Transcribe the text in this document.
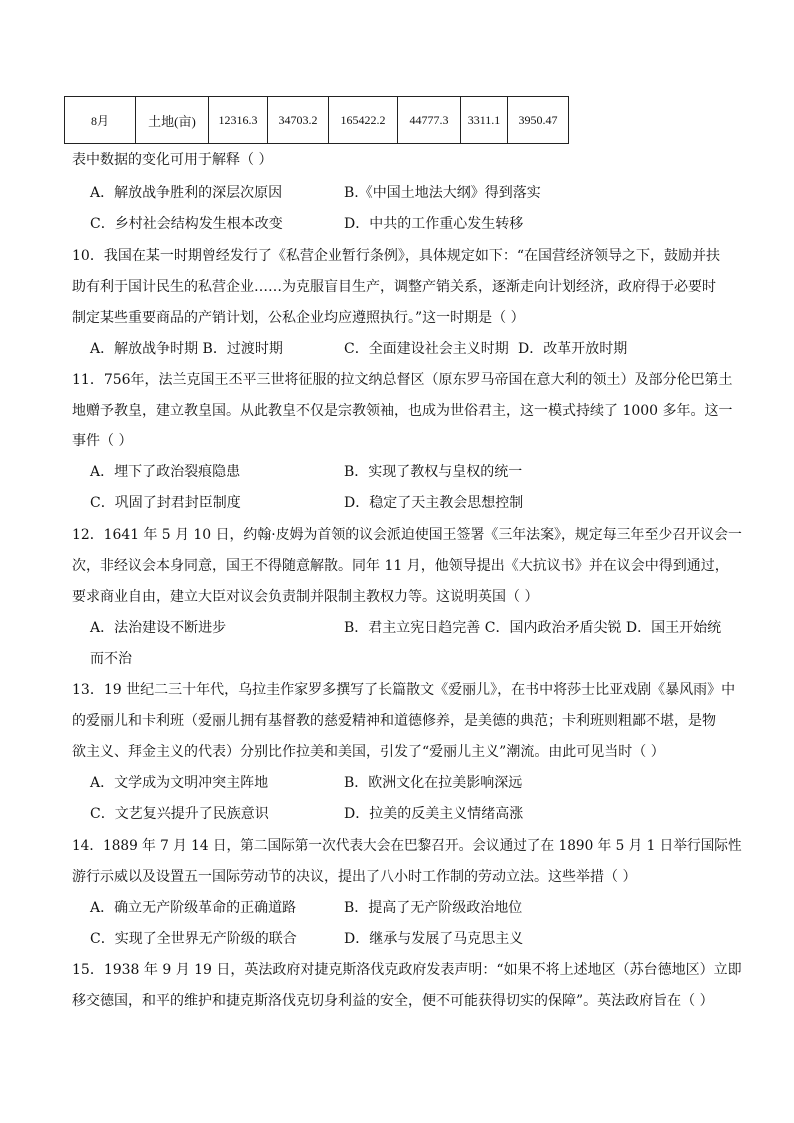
8月	土地(亩)	12316.3	34703.2	165422.2	44777.3	3311.1	3950.47
表中数据的变化可用于解释（ ）
A．解放战争胜利的深层次原因	B.《中国土地法大纲》得到落实
C．乡村社会结构发生根本改变	D．中共的工作重心发生转移
10．我国在某一时期曾经发行了《私营企业暂行条例》，具体规定如下：“在国营经济领导之下，鼓励并扶
助有利于国计民生的私营企业……为克服盲目生产，调整产销关系，逐渐走向计划经济，政府得于必要时
制定某些重要商品的产销计划，公私企业均应遵照执行。”这一时期是（ ）
A．解放战争时期 B．过渡时期	C．全面建设社会主义时期 D．改革开放时期
11．756年，法兰克国王丕平三世将征服的拉文纳总督区（原东罗马帝国在意大利的领土）及部分伦巴第土
地赠予教皇，建立教皇国。从此教皇不仅是宗教领袖，也成为世俗君主，这一模式持续了 1000 多年。这一
事件（ ）
A．埋下了政治裂痕隐患	B．实现了教权与皇权的统一
C．巩固了封君封臣制度	D．稳定了天主教会思想控制
12．1641 年 5 月 10 日，约翰·皮姆为首领的议会派迫使国王签署《三年法案》，规定每三年至少召开议会一
次，非经议会本身同意，国王不得随意解散。同年 11 月，他领导提出《大抗议书》并在议会中得到通过，
要求商业自由，建立大臣对议会负责制并限制主教权力等。这说明英国（ ）
A．法治建设不断进步	B．君主立宪日趋完善 C．国内政治矛盾尖锐 D．国王开始统
而不治
13．19 世纪二三十年代，乌拉圭作家罗多撰写了长篇散文《爱丽儿》，在书中将莎士比亚戏剧《暴风雨》中
的爱丽儿和卡利班（爱丽儿拥有基督教的慈爱精神和道德修养，是美德的典范；卡利班则粗鄙不堪，是物
欲主义、拜金主义的代表）分别比作拉美和美国，引发了“爱丽儿主义”潮流。由此可见当时（ ）
A．文学成为文明冲突主阵地	B．欧洲文化在拉美影响深远
C．文艺复兴提升了民族意识	D．拉美的反美主义情绪高涨
14．1889 年 7 月 14 日，第二国际第一次代表大会在巴黎召开。会议通过了在 1890 年 5 月 1 日举行国际性
游行示威以及设置五一国际劳动节的决议，提出了八小时工作制的劳动立法。这些举措（ ）
A．确立无产阶级革命的正确道路	B．提高了无产阶级政治地位
C．实现了全世界无产阶级的联合	D．继承与发展了马克思主义
15．1938 年 9 月 19 日，英法政府对捷克斯洛伐克政府发表声明：“如果不将上述地区（苏台德地区）立即
移交德国，和平的维护和捷克斯洛伐克切身利益的安全，便不可能获得切实的保障”。英法政府旨在（ ）
